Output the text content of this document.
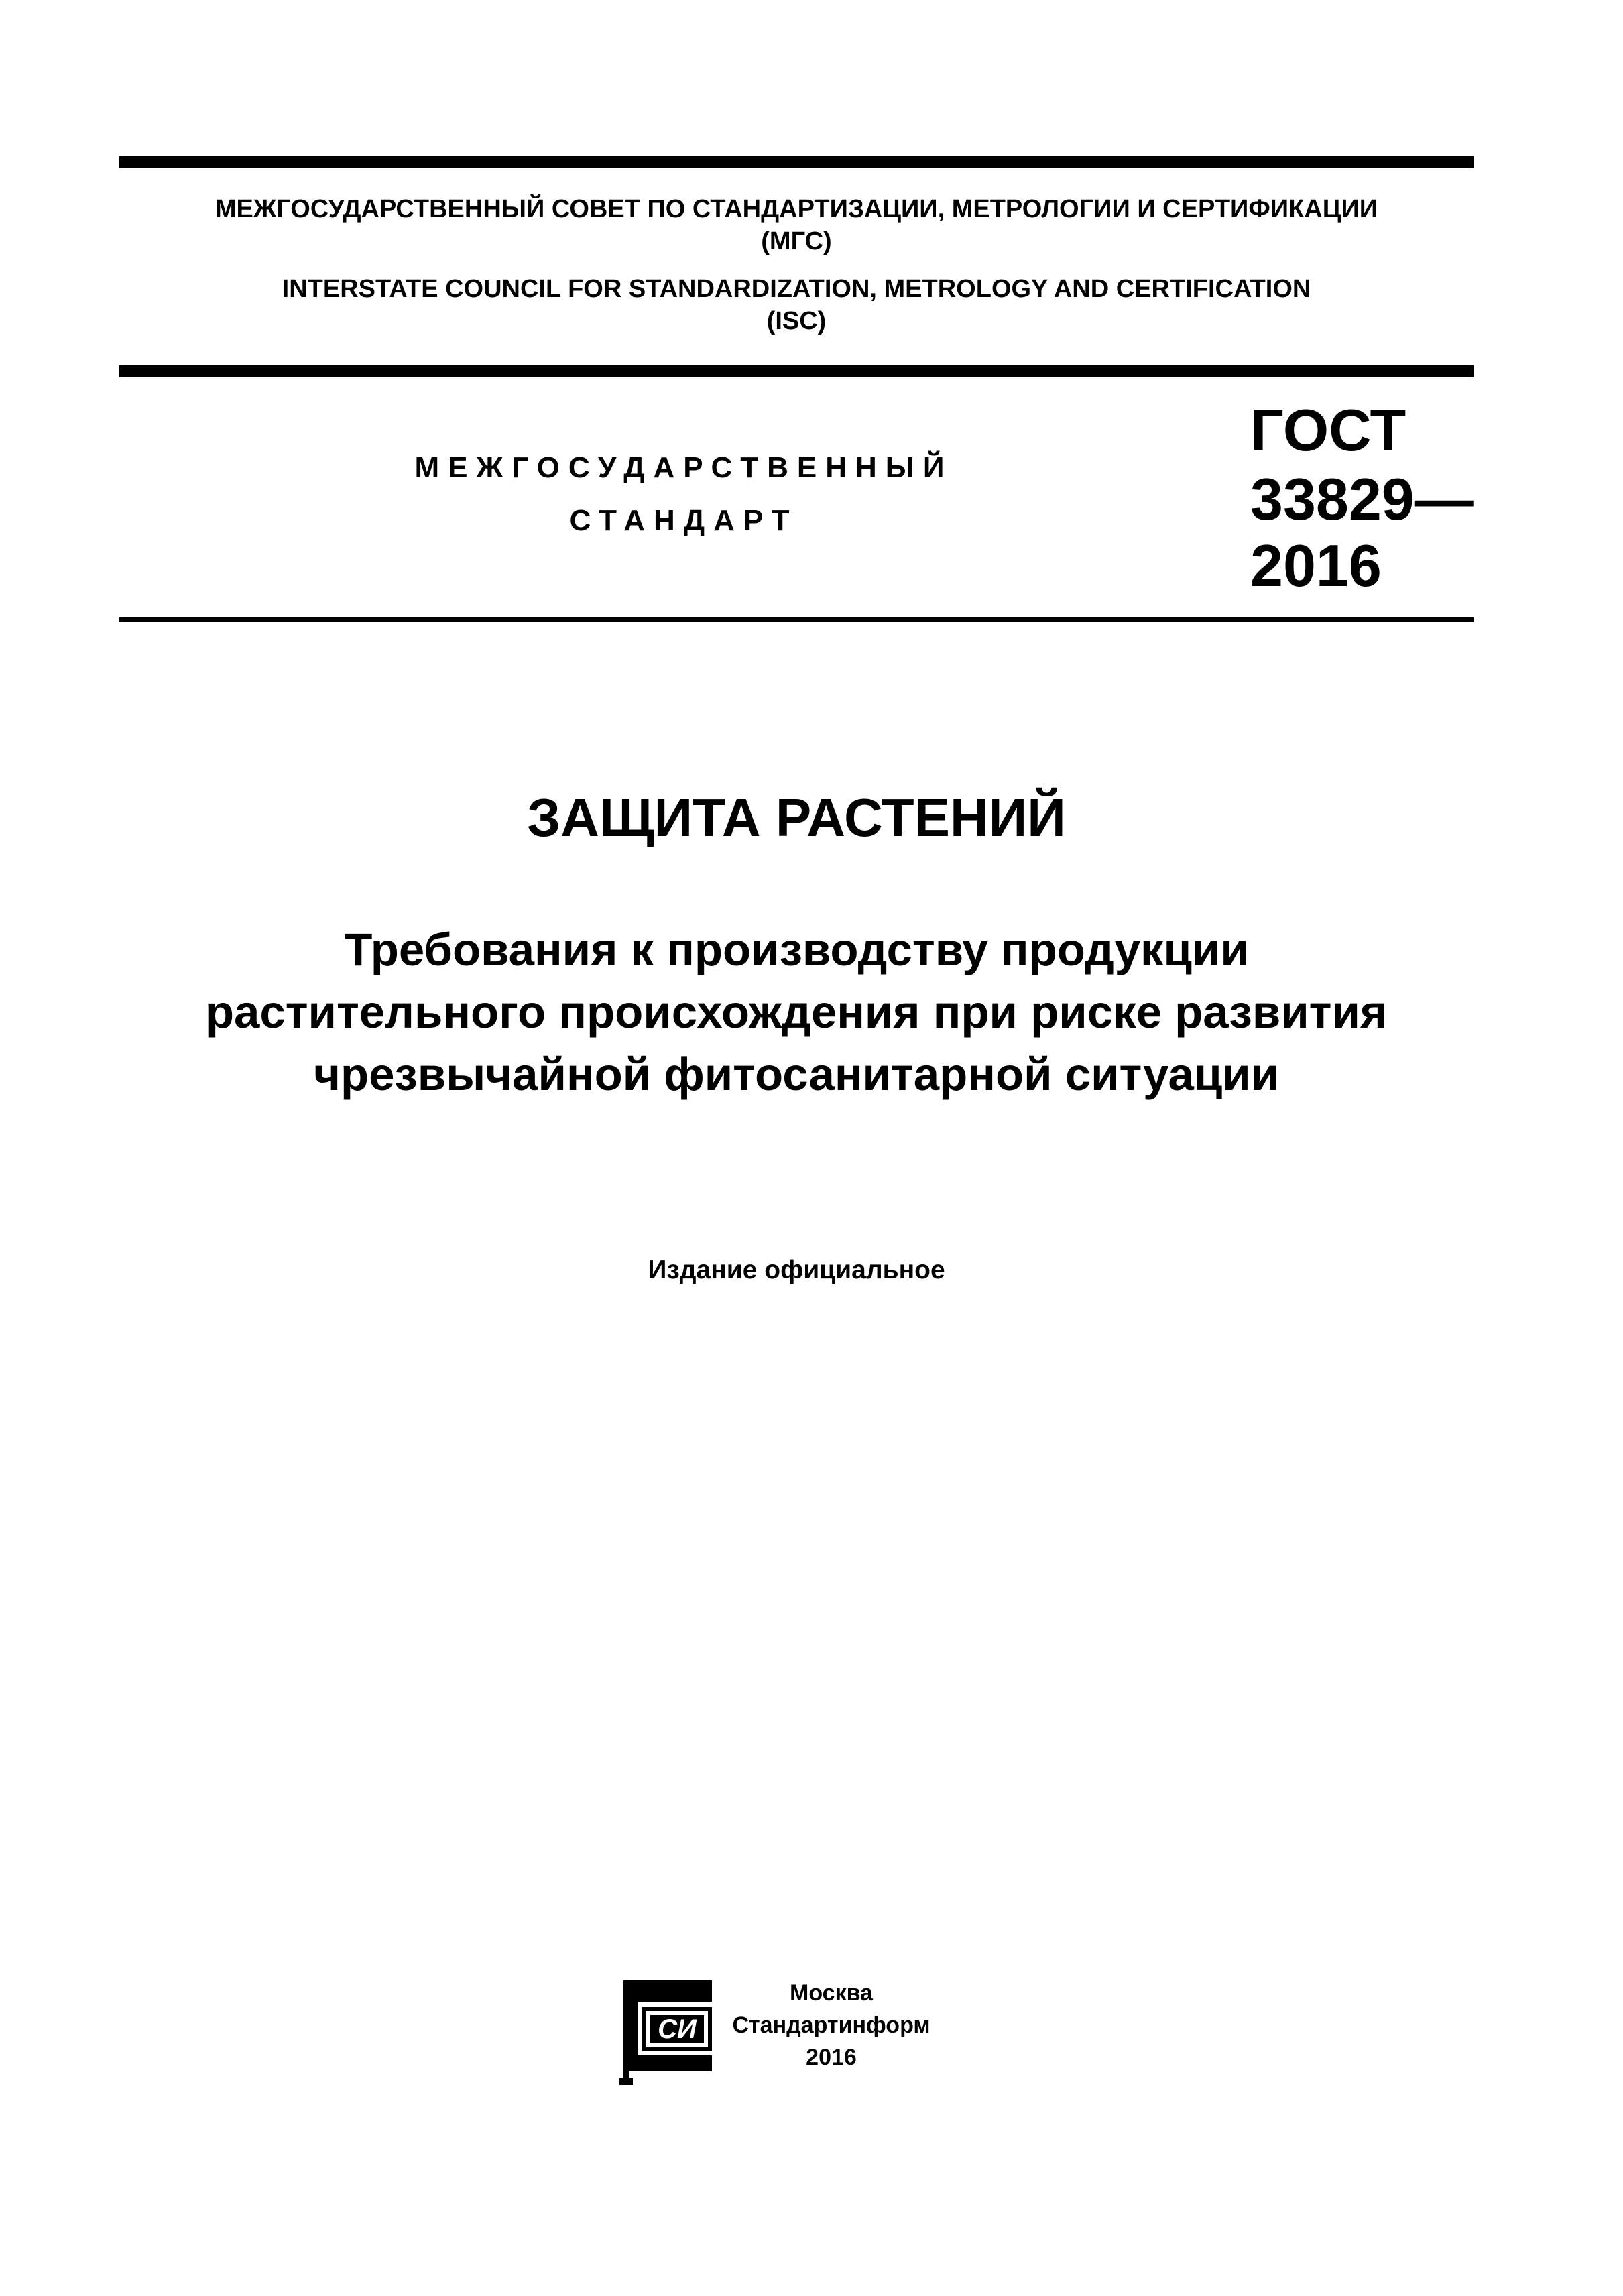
МЕЖГОСУДАРСТВЕННЫЙ СОВЕТ ПО СТАНДАРТИЗАЦИИ, МЕТРОЛОГИИ И СЕРТИФИКАЦИИ

(МГС)

INTERSTATE COUNCIL FOR STANDARDIZATION, METROLOGY AND CERTIFICATION

(ISC)

МЕЖГОСУДАРСТВЕННЫЙ

СТАНДАРТ

ГОСТ

33829—

2016

ЗАЩИТА РАСТЕНИЙ
Требования к производству продукции
растительного происхождения при риске развития
чрезвычайной фитосанитарной ситуации

Издание официальное

СИ

Москва

Стандартинформ

2016
